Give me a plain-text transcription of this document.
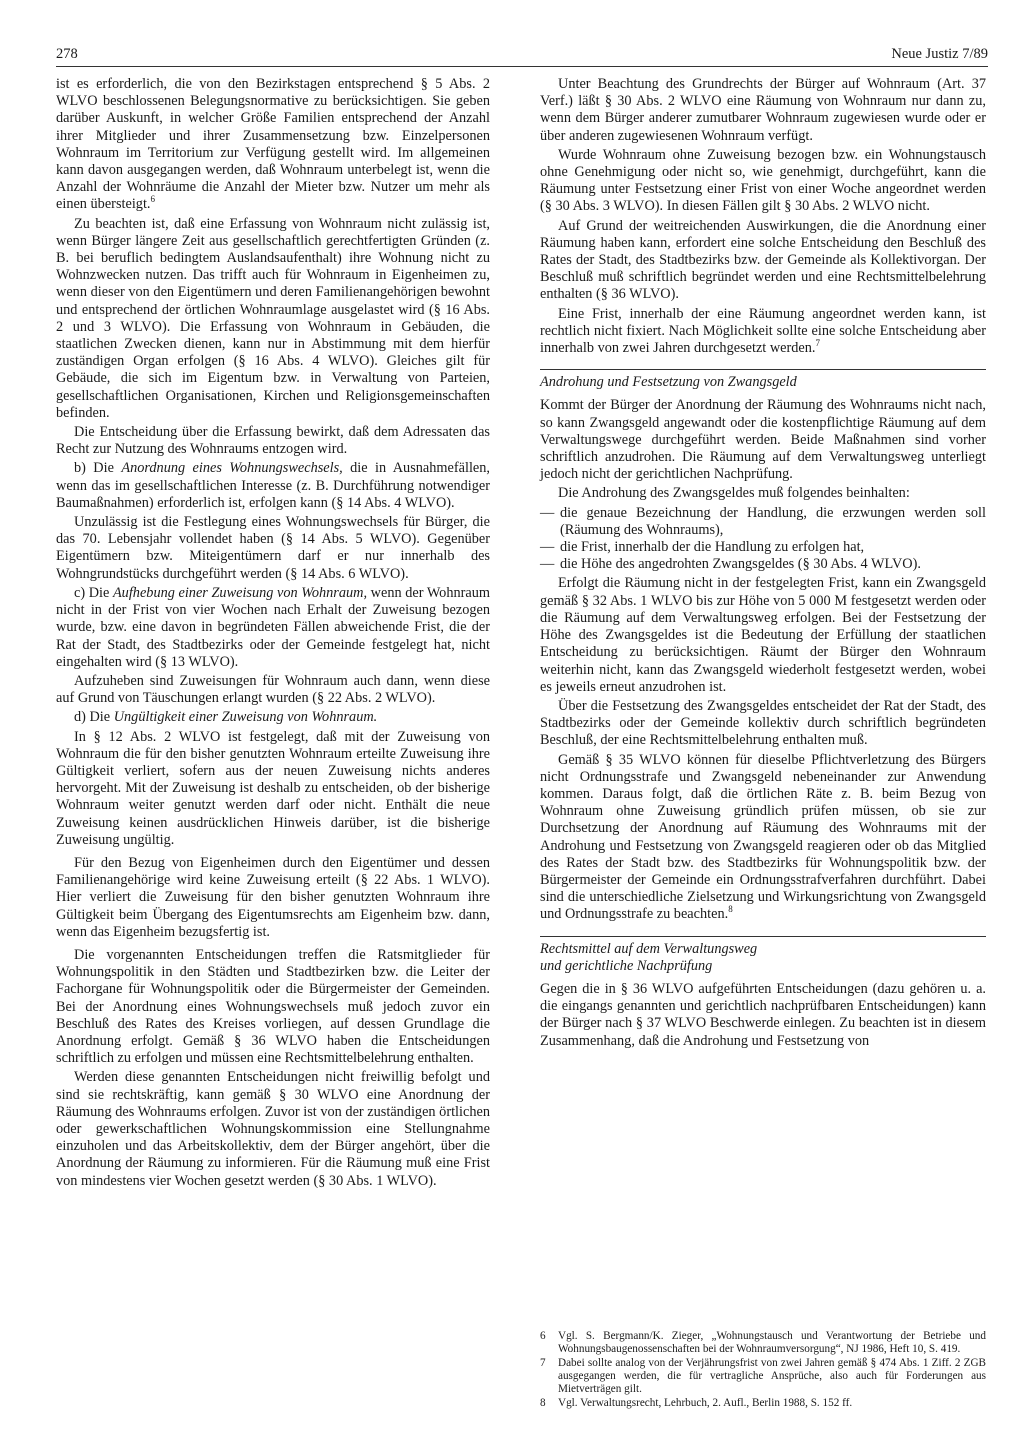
278	Neue Justiz 7/89

ist es erforderlich, die von den Bezirkstagen entsprechend § 5 Abs. 2 WLVO beschlossenen Belegungsnormative zu berücksichtigen. Sie geben darüber Auskunft, in welcher Größe Familien entsprechend der Anzahl ihrer Mitglieder und ihrer Zusammensetzung bzw. Einzelpersonen Wohnraum im Territorium zur Verfügung gestellt wird. Im allgemeinen kann davon ausgegangen werden, daß Wohnraum unterbelegt ist, wenn die Anzahl der Wohnräume die Anzahl der Mieter bzw. Nutzer um mehr als einen übersteigt.$^6$

Zu beachten ist, daß eine Erfassung von Wohnraum nicht zulässig ist, wenn Bürger längere Zeit aus gesellschaftlich gerechtfertigten Gründen (z. B. bei beruflich bedingtem Auslandsaufenthalt) ihre Wohnung nicht zu Wohnzwecken nutzen. Das trifft auch für Wohnraum in Eigenheimen zu, wenn dieser von den Eigentümern und deren Familienangehörigen bewohnt und entsprechend der örtlichen Wohnraumlage ausgelastet wird (§ 16 Abs. 2 und 3 WLVO). Die Erfassung von Wohnraum in Gebäuden, die staatlichen Zwecken dienen, kann nur in Abstimmung mit dem hierfür zuständigen Organ erfolgen (§ 16 Abs. 4 WLVO). Gleiches gilt für Gebäude, die sich im Eigentum bzw. in Verwaltung von Parteien, gesellschaftlichen Organisationen, Kirchen und Religionsgemeinschaften befinden.

Die Entscheidung über die Erfassung bewirkt, daß dem Adressaten das Recht zur Nutzung des Wohnraums entzogen wird.

b) Die Anordnung eines Wohnungswechsels, die in Ausnahmefällen, wenn das im gesellschaftlichen Interesse (z. B. Durchführung notwendiger Baumaßnahmen) erforderlich ist, erfolgen kann (§ 14 Abs. 4 WLVO).

Unzulässig ist die Festlegung eines Wohnungswechsels für Bürger, die das 70. Lebensjahr vollendet haben (§ 14 Abs. 5 WLVO). Gegenüber Eigentümern bzw. Miteigentümern darf er nur innerhalb des Wohngrundstücks durchgeführt werden (§ 14 Abs. 6 WLVO).

c) Die Aufhebung einer Zuweisung von Wohnraum, wenn der Wohnraum nicht in der Frist von vier Wochen nach Erhalt der Zuweisung bezogen wurde, bzw. eine davon in begründeten Fällen abweichende Frist, die der Rat der Stadt, des Stadtbezirks oder der Gemeinde festgelegt hat, nicht eingehalten wird (§ 13 WLVO).

Aufzuheben sind Zuweisungen für Wohnraum auch dann, wenn diese auf Grund von Täuschungen erlangt wurden (§ 22 Abs. 2 WLVO).

d) Die Ungültigkeit einer Zuweisung von Wohnraum.

In § 12 Abs. 2 WLVO ist festgelegt, daß mit der Zuweisung von Wohnraum die für den bisher genutzten Wohnraum erteilte Zuweisung ihre Gültigkeit verliert, sofern aus der neuen Zuweisung nichts anderes hervorgeht. Mit der Zuweisung ist deshalb zu entscheiden, ob der bisherige Wohnraum weiter genutzt werden darf oder nicht. Enthält die neue Zuweisung keinen ausdrücklichen Hinweis darüber, ist die bisherige Zuweisung ungültig.

Für den Bezug von Eigenheimen durch den Eigentümer und dessen Familienangehörige wird keine Zuweisung erteilt (§ 22 Abs. 1 WLVO). Hier verliert die Zuweisung für den bisher genutzten Wohnraum ihre Gültigkeit beim Übergang des Eigentumsrechts am Eigenheim bzw. dann, wenn das Eigenheim bezugsfertig ist.

Die vorgenannten Entscheidungen treffen die Ratsmitglieder für Wohnungspolitik in den Städten und Stadtbezirken bzw. die Leiter der Fachorgane für Wohnungspolitik oder die Bürgermeister der Gemeinden. Bei der Anordnung eines Wohnungswechsels muß jedoch zuvor ein Beschluß des Rates des Kreises vorliegen, auf dessen Grundlage die Anordnung erfolgt. Gemäß § 36 WLVO haben die Entscheidungen schriftlich zu erfolgen und müssen eine Rechtsmittelbelehrung enthalten.

Werden diese genannten Entscheidungen nicht freiwillig befolgt und sind sie rechtskräftig, kann gemäß § 30 WLVO eine Anordnung der Räumung des Wohnraums erfolgen. Zuvor ist von der zuständigen örtlichen oder gewerkschaftlichen Wohnungskommission eine Stellungnahme einzuholen und das Arbeitskollektiv, dem der Bürger angehört, über die Anordnung der Räumung zu informieren. Für die Räumung muß eine Frist von mindestens vier Wochen gesetzt werden (§ 30 Abs. 1 WLVO).

Unter Beachtung des Grundrechts der Bürger auf Wohnraum (Art. 37 Verf.) läßt § 30 Abs. 2 WLVO eine Räumung von Wohnraum nur dann zu, wenn dem Bürger anderer zumutbarer Wohnraum zugewiesen wurde oder er über anderen zugewiesenen Wohnraum verfügt.

Wurde Wohnraum ohne Zuweisung bezogen bzw. ein Wohnungstausch ohne Genehmigung oder nicht so, wie genehmigt, durchgeführt, kann die Räumung unter Festsetzung einer Frist von einer Woche angeordnet werden (§ 30 Abs. 3 WLVO). In diesen Fällen gilt § 30 Abs. 2 WLVO nicht.

Auf Grund der weitreichenden Auswirkungen, die die Anordnung einer Räumung haben kann, erfordert eine solche Entscheidung den Beschluß des Rates der Stadt, des Stadtbezirks bzw. der Gemeinde als Kollektivorgan. Der Beschluß muß schriftlich begründet werden und eine Rechtsmittelbelehrung enthalten (§ 36 WLVO).

Eine Frist, innerhalb der eine Räumung angeordnet werden kann, ist rechtlich nicht fixiert. Nach Möglichkeit sollte eine solche Entscheidung aber innerhalb von zwei Jahren durchgesetzt werden.$^7$

Androhung und Festsetzung von Zwangsgeld

Kommt der Bürger der Anordnung der Räumung des Wohnraums nicht nach, so kann Zwangsgeld angewandt oder die kostenpflichtige Räumung auf dem Verwaltungswege durchgeführt werden. Beide Maßnahmen sind vorher schriftlich anzudrohen. Die Räumung auf dem Verwaltungsweg unterliegt jedoch nicht der gerichtlichen Nachprüfung.

Die Androhung des Zwangsgeldes muß folgendes beinhalten:

— die genaue Bezeichnung der Handlung, die erzwungen werden soll (Räumung des Wohnraums),
— die Frist, innerhalb der die Handlung zu erfolgen hat,
— die Höhe des angedrohten Zwangsgeldes (§ 30 Abs. 4 WLVO).

Erfolgt die Räumung nicht in der festgelegten Frist, kann ein Zwangsgeld gemäß § 32 Abs. 1 WLVO bis zur Höhe von 5 000 M festgesetzt werden oder die Räumung auf dem Verwaltungsweg erfolgen. Bei der Festsetzung der Höhe des Zwangsgeldes ist die Bedeutung der Erfüllung der staatlichen Entscheidung zu berücksichtigen. Räumt der Bürger den Wohnraum weiterhin nicht, kann das Zwangsgeld wiederholt festgesetzt werden, wobei es jeweils erneut anzudrohen ist.

Über die Festsetzung des Zwangsgeldes entscheidet der Rat der Stadt, des Stadtbezirks oder der Gemeinde kollektiv durch schriftlich begründeten Beschluß, der eine Rechtsmittelbelehrung enthalten muß.

Gemäß § 35 WLVO können für dieselbe Pflichtverletzung des Bürgers nicht Ordnungsstrafe und Zwangsgeld nebeneinander zur Anwendung kommen. Daraus folgt, daß die örtlichen Räte z. B. beim Bezug von Wohnraum ohne Zuweisung gründlich prüfen müssen, ob sie zur Durchsetzung der Anordnung auf Räumung des Wohnraums mit der Androhung und Festsetzung von Zwangsgeld reagieren oder ob das Mitglied des Rates der Stadt bzw. des Stadtbezirks für Wohnungspolitik bzw. der Bürgermeister der Gemeinde ein Ordnungsstrafverfahren durchführt. Dabei sind die unterschiedliche Zielsetzung und Wirkungsrichtung von Zwangsgeld und Ordnungsstrafe zu beachten.$^8$

Rechtsmittel auf dem Verwaltungsweg
und gerichtliche Nachprüfung

Gegen die in § 36 WLVO aufgeführten Entscheidungen (dazu gehören u. a. die eingangs genannten und gerichtlich nachprüfbaren Entscheidungen) kann der Bürger nach § 37 WLVO Beschwerde einlegen. Zu beachten ist in diesem Zusammenhang, daß die Androhung und Festsetzung von

6 Vgl. S. Bergmann/K. Zieger, „Wohnungstausch und Verantwortung der Betriebe und Wohnungsbaugenossenschaften bei der Wohnraumversorgung“, NJ 1986, Heft 10, S. 419.
7 Dabei sollte analog von der Verjährungsfrist von zwei Jahren gemäß § 474 Abs. 1 Ziff. 2 ZGB ausgegangen werden, die für vertragliche Ansprüche, also auch für Forderungen aus Mietverträgen gilt.
8 Vgl. Verwaltungsrecht, Lehrbuch, 2. Aufl., Berlin 1988, S. 152 ff.
